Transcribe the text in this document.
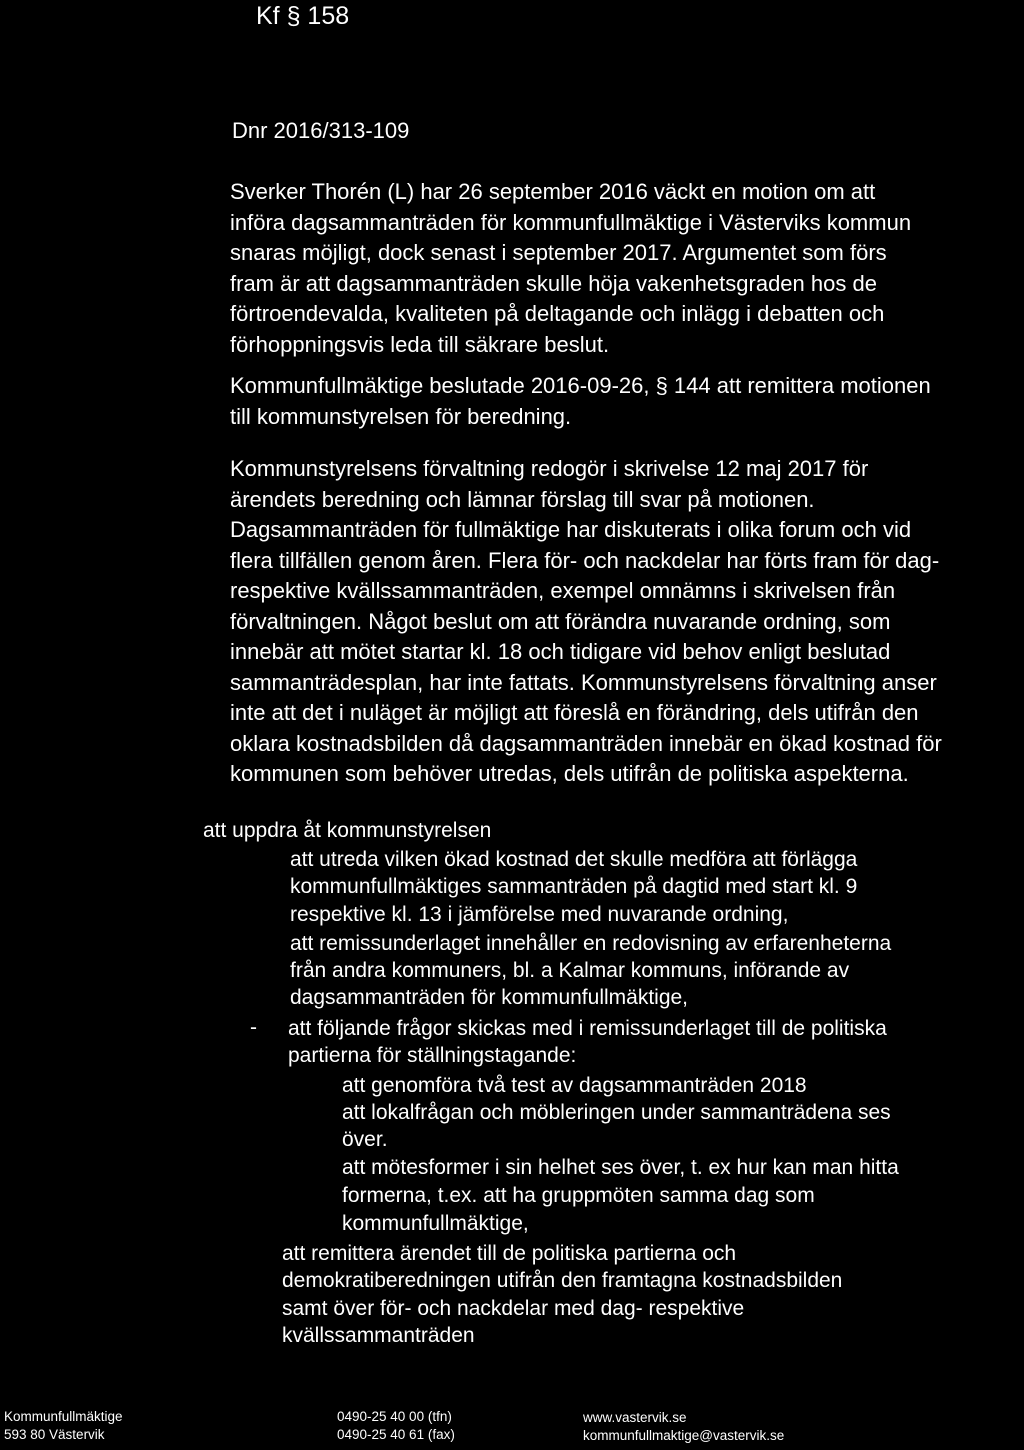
Kf § 158
Dnr 2016/313-109
Sverker Thorén (L) har 26 september 2016 väckt en motion om att
införa dagsammanträden för kommunfullmäktige i Västerviks kommun
snaras möjligt, dock senast i september 2017. Argumentet som förs
fram är att dagsammanträden skulle höja vakenhetsgraden hos de
förtroendevalda, kvaliteten på deltagande och inlägg i debatten och
förhoppningsvis leda till säkrare beslut.
Kommunfullmäktige beslutade 2016-09-26, § 144 att remittera motionen
till kommunstyrelsen för beredning.
Kommunstyrelsens förvaltning redogör i skrivelse 12 maj 2017 för
ärendets beredning och lämnar förslag till svar på motionen.
Dagsammanträden för fullmäktige har diskuterats i olika forum och vid
flera tillfällen genom åren. Flera för- och nackdelar har förts fram för dag-
respektive kvällssammanträden, exempel omnämns i skrivelsen från
förvaltningen. Något beslut om att förändra nuvarande ordning, som
innebär att mötet startar kl. 18 och tidigare vid behov enligt beslutad
sammanträdesplan, har inte fattats. Kommunstyrelsens förvaltning anser
inte att det i nuläget är möjligt att föreslå en förändring, dels utifrån den
oklara kostnadsbilden då dagsammanträden innebär en ökad kostnad för
kommunen som behöver utredas, dels utifrån de politiska aspekterna.
att uppdra åt kommunstyrelsen
att utreda vilken ökad kostnad det skulle medföra att förlägga
kommunfullmäktiges sammanträden på dagtid med start kl. 9
respektive kl. 13 i jämförelse med nuvarande ordning,
att remissunderlaget innehåller en redovisning av erfarenheterna
från andra kommuners, bl. a Kalmar kommuns, införande av
dagsammanträden för kommunfullmäktige,
att följande frågor skickas med i remissunderlaget till de politiska
partierna för ställningstagande:
att genomföra två test av dagsammanträden 2018
att lokalfrågan och möbleringen under sammanträdena ses
över.
att mötesformer i sin helhet ses över, t. ex hur kan man hitta
formerna, t.ex. att ha gruppmöten samma dag som
kommunfullmäktige,
att remittera ärendet till de politiska partierna och
demokratiberedningen utifrån den framtagna kostnadsbilden
samt över för- och nackdelar med dag- respektive
kvällssammanträden
-
Kommunfullmäktige
593 80 Västervik
0490-25 40 00 (tfn)
0490-25 40 61 (fax)
www.vastervik.se
kommunfullmaktige@vastervik.se
